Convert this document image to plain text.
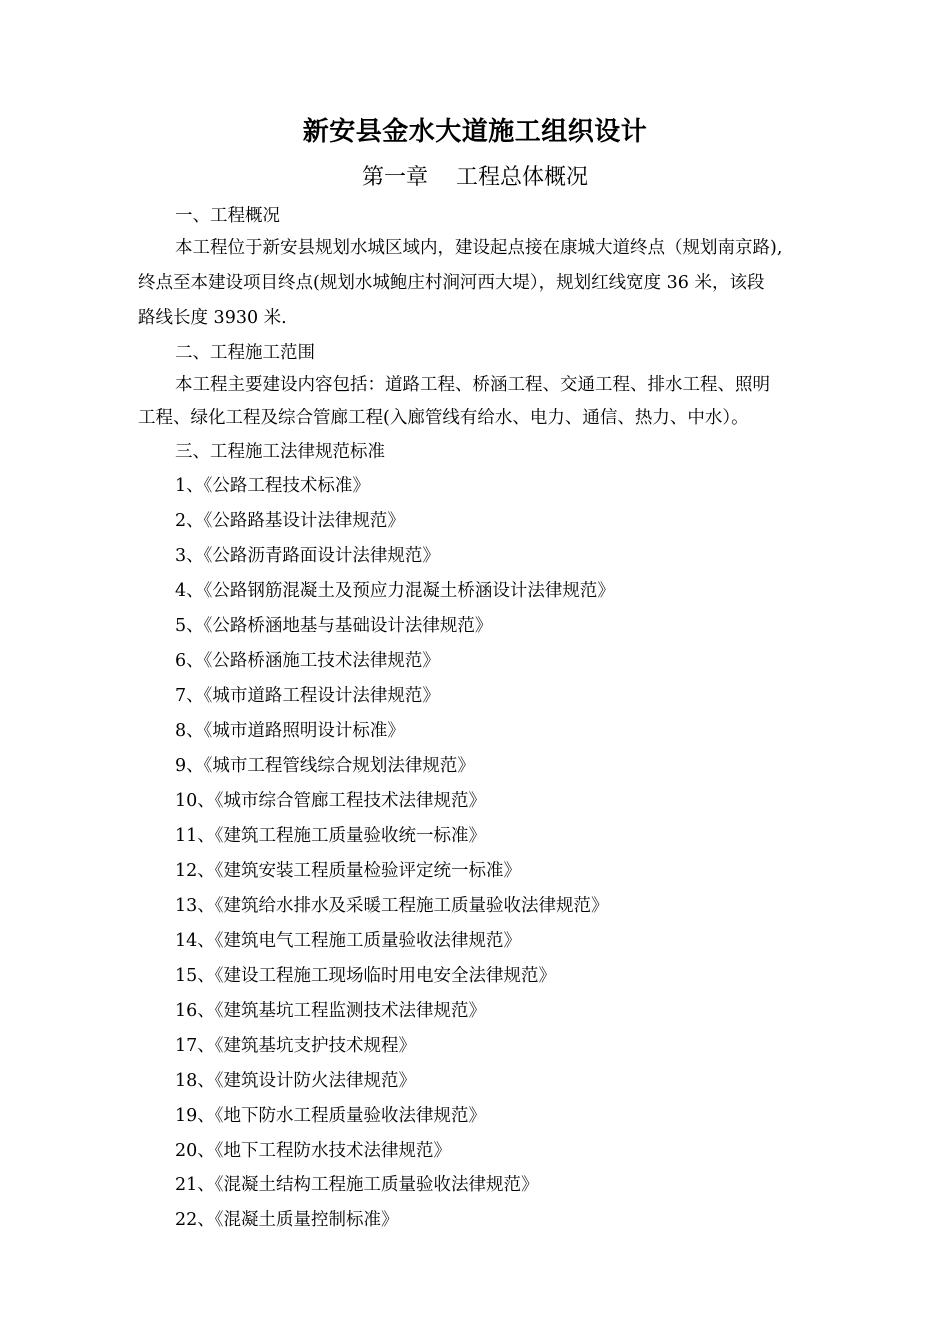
新安县金水大道施工组织设计
第一章 工程总体概况
一、工程概况
本工程位于新安县规划水城区域内，建设起点接在康城大道终点（规划南京路),
终点至本建设项目终点(规划水城鲍庄村涧河西大堤），规划红线宽度 36 米，该段
路线长度 3930 米.
二、工程施工范围
本工程主要建设内容包括：道路工程、桥涵工程、交通工程、排水工程、照明
工程、绿化工程及综合管廊工程(入廊管线有给水、电力、通信、热力、中水）。
三、工程施工法律规范标准
1、《公路工程技术标准》
2、《公路路基设计法律规范》
3、《公路沥青路面设计法律规范》
4、《公路钢筋混凝土及预应力混凝土桥涵设计法律规范》
5、《公路桥涵地基与基础设计法律规范》
6、《公路桥涵施工技术法律规范》
7、《城市道路工程设计法律规范》
8、《城市道路照明设计标准》
9、《城市工程管线综合规划法律规范》
10、《城市综合管廊工程技术法律规范》
11、《建筑工程施工质量验收统一标准》
12、《建筑安装工程质量检验评定统一标准》
13、《建筑给水排水及采暖工程施工质量验收法律规范》
14、《建筑电气工程施工质量验收法律规范》
15、《建设工程施工现场临时用电安全法律规范》
16、《建筑基坑工程监测技术法律规范》
17、《建筑基坑支护技术规程》
18、《建筑设计防火法律规范》
19、《地下防水工程质量验收法律规范》
20、《地下工程防水技术法律规范》
21、《混凝土结构工程施工质量验收法律规范》
22、《混凝土质量控制标准》
